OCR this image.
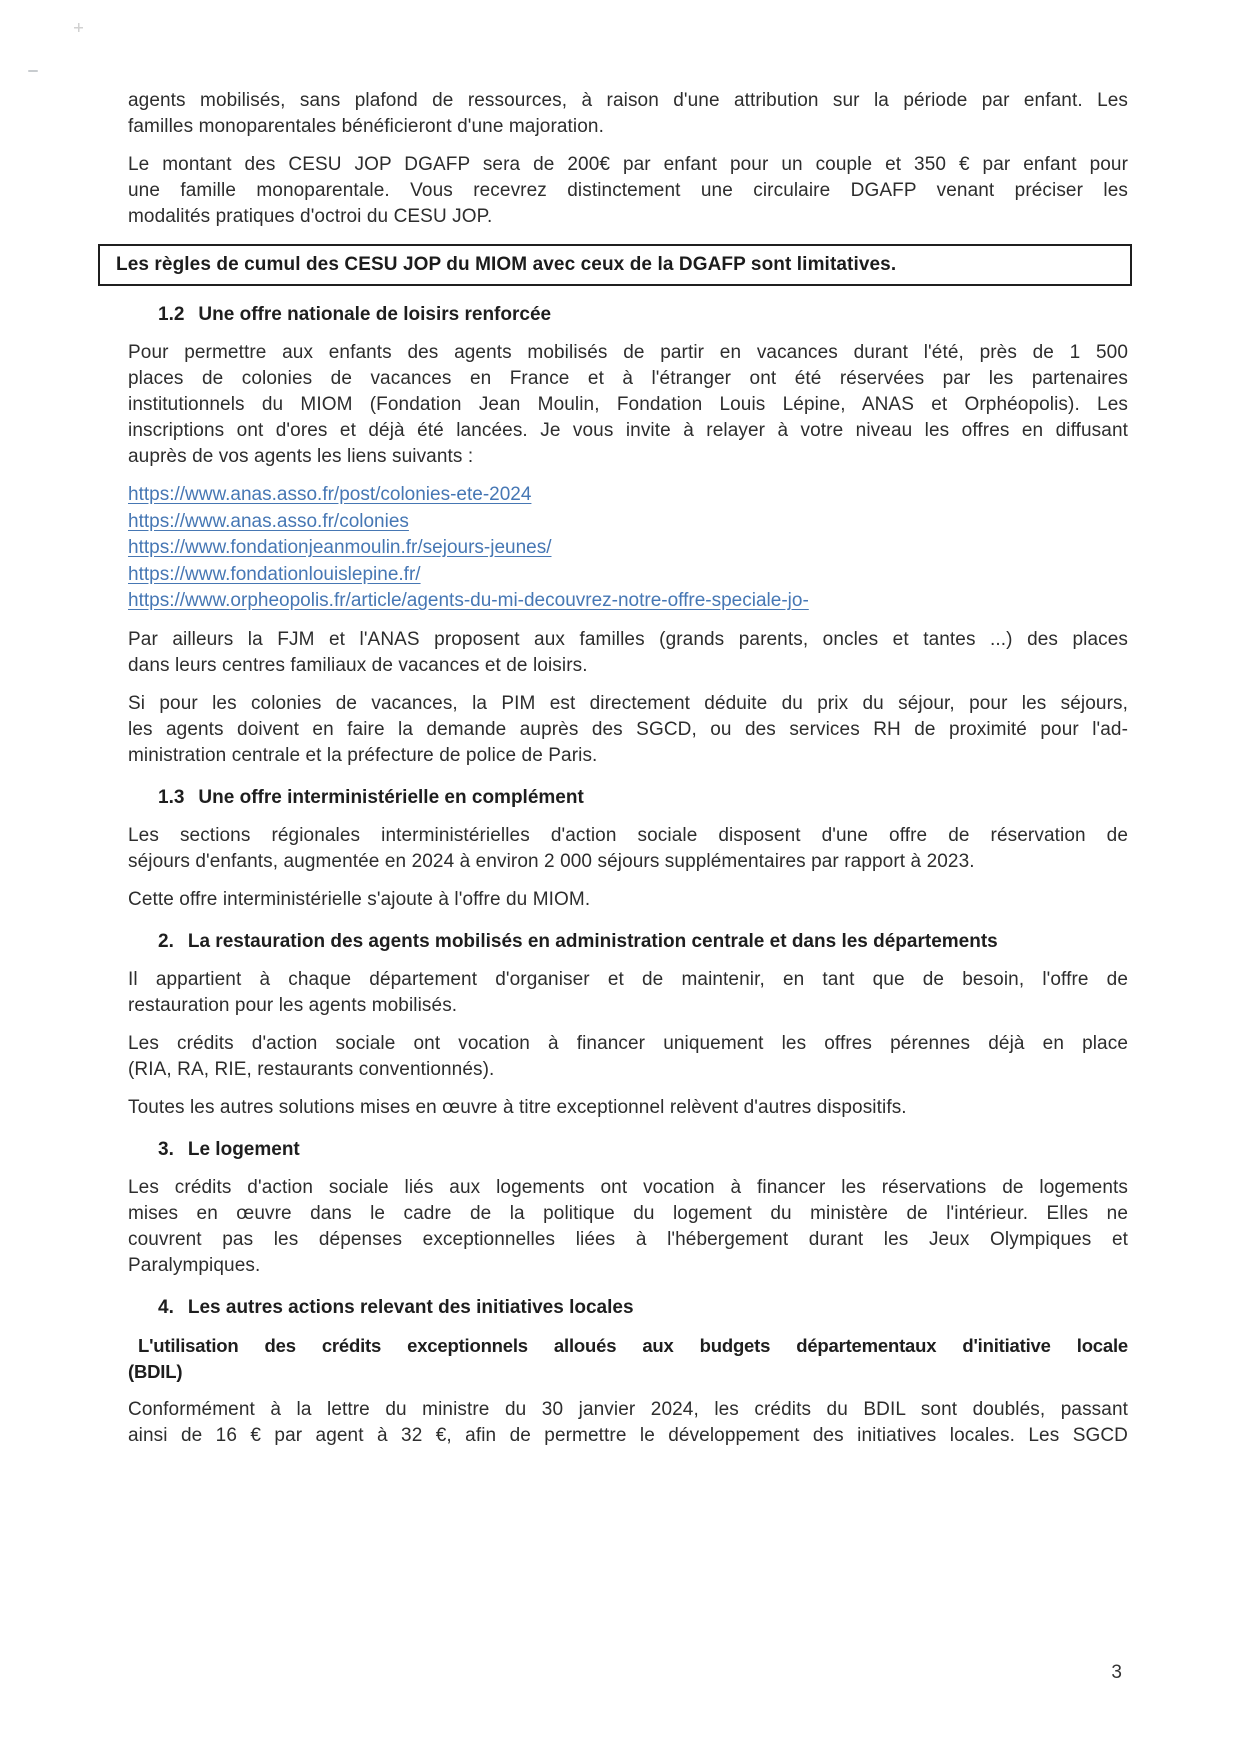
agents mobilisés, sans plafond de ressources, à raison d'une attribution sur la période par enfant. Les
familles monoparentales bénéficieront d'une majoration.
Le montant des CESU JOP DGAFP sera de 200€ par enfant pour un couple et 350 € par enfant pour
une famille monoparentale. Vous recevrez distinctement une circulaire DGAFP venant préciser les
modalités pratiques d'octroi du CESU JOP.
Les règles de cumul des CESU JOP du MIOM avec ceux de la DGAFP sont limitatives.
1.2 Une offre nationale de loisirs renforcée
Pour permettre aux enfants des agents mobilisés de partir en vacances durant l'été, près de 1 500
places de colonies de vacances en France et à l'étranger ont été réservées par les partenaires
institutionnels du MIOM (Fondation Jean Moulin, Fondation Louis Lépine, ANAS et Orphéopolis). Les
inscriptions ont d'ores et déjà été lancées. Je vous invite à relayer à votre niveau les offres en diffusant
auprès de vos agents les liens suivants :
https://www.anas.asso.fr/post/colonies-ete-2024
https://www.anas.asso.fr/colonies
https://www.fondationjeanmoulin.fr/sejours-jeunes/
https://www.fondationlouislepine.fr/
https://www.orpheopolis.fr/article/agents-du-mi-decouvrez-notre-offre-speciale-jo-
Par ailleurs la FJM et l'ANAS proposent aux familles (grands parents, oncles et tantes ...) des places
dans leurs centres familiaux de vacances et de loisirs.
Si pour les colonies de vacances, la PIM est directement déduite du prix du séjour, pour les séjours,
les agents doivent en faire la demande auprès des SGCD, ou des services RH de proximité pour l'ad-
ministration centrale et la préfecture de police de Paris.
1.3 Une offre interministérielle en complément
Les sections régionales interministérielles d'action sociale disposent d'une offre de réservation de
séjours d'enfants, augmentée en 2024 à environ 2 000 séjours supplémentaires par rapport à 2023.
Cette offre interministérielle s'ajoute à l'offre du MIOM.
2. La restauration des agents mobilisés en administration centrale et dans les départements
Il appartient à chaque département d'organiser et de maintenir, en tant que de besoin, l'offre de
restauration pour les agents mobilisés.
Les crédits d'action sociale ont vocation à financer uniquement les offres pérennes déjà en place
(RIA, RA, RIE, restaurants conventionnés).
Toutes les autres solutions mises en œuvre à titre exceptionnel relèvent d'autres dispositifs.
3. Le logement
Les crédits d'action sociale liés aux logements ont vocation à financer les réservations de logements
mises en œuvre dans le cadre de la politique du logement du ministère de l'intérieur. Elles ne
couvrent pas les dépenses exceptionnelles liées à l'hébergement durant les Jeux Olympiques et
Paralympiques.
4. Les autres actions relevant des initiatives locales
L'utilisation des crédits exceptionnels alloués aux budgets départementaux d'initiative locale
(BDIL)
Conformément à la lettre du ministre du 30 janvier 2024, les crédits du BDIL sont doublés, passant
ainsi de 16 € par agent à 32 €, afin de permettre le développement des initiatives locales. Les SGCD
3
